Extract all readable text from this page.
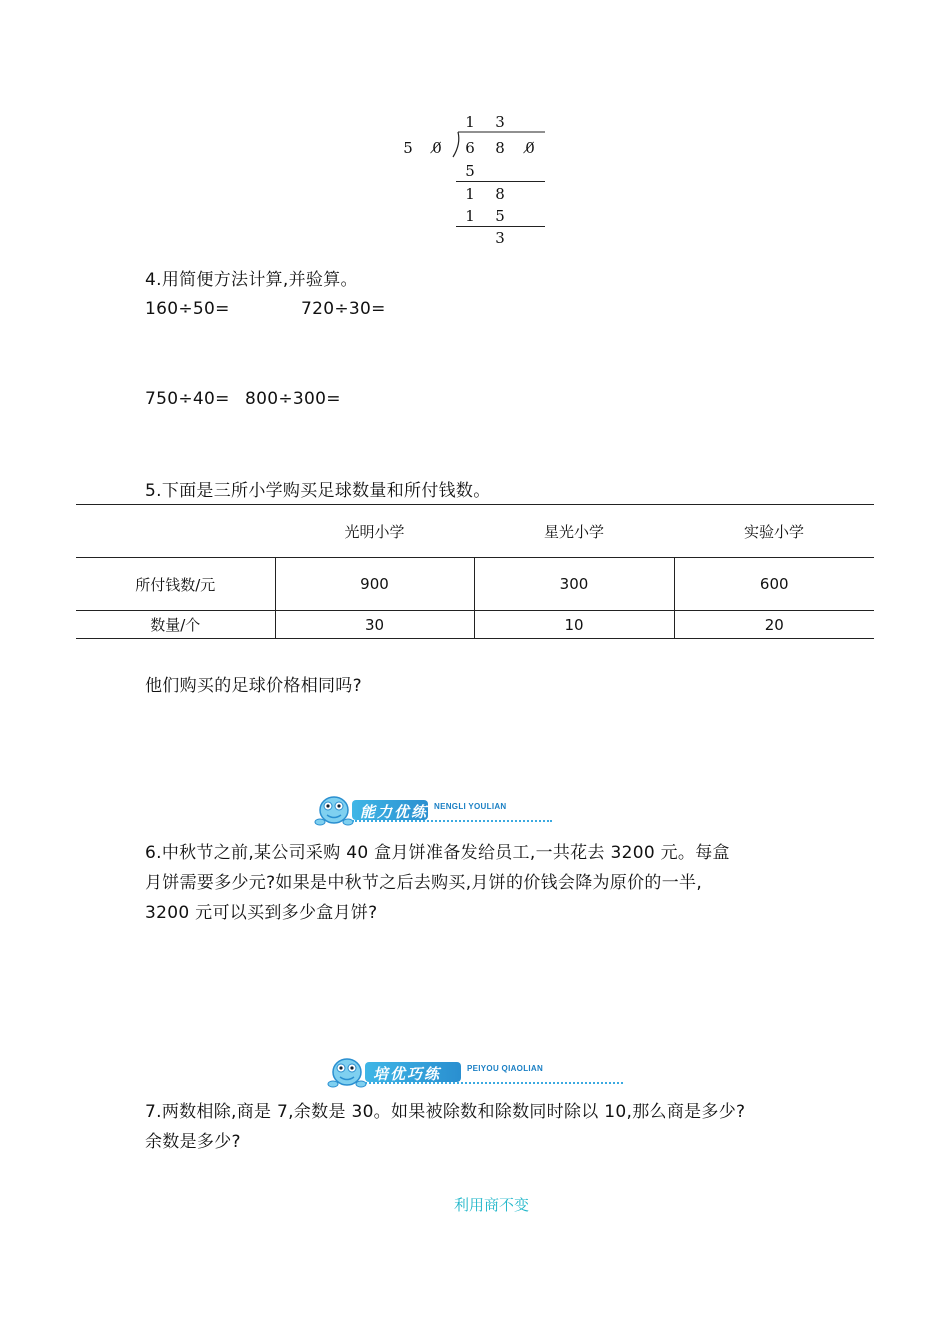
1 3
5 0̸ 6 8 0̸
5
1 8
1 5
3
4.用简便方法计算,并验算。
160÷50=	720÷30=
750÷40= 800÷300=
5.下面是三所小学购买足球数量和所付钱数。
	光明小学	星光小学	实验小学
所付钱数/元	900	300	600
数量/个	30	10	20
他们购买的足球价格相同吗?
能力优练 NENGLI YOULIAN
6.中秋节之前,某公司采购 40 盒月饼准备发给员工,一共花去 3200 元。每盒
月饼需要多少元?如果是中秋节之后去购买,月饼的价钱会降为原价的一半,
3200 元可以买到多少盒月饼?
培优巧练	PEIYOU QIAOLIAN
7.两数相除,商是 7,余数是 30。如果被除数和除数同时除以 10,那么商是多少?
余数是多少?
利用商不变
